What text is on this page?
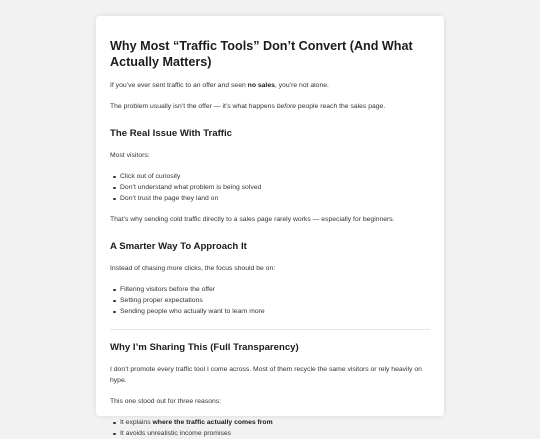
Why Most “Traffic Tools” Don’t Convert (And What Actually Matters)

If you’ve ever sent traffic to an offer and seen no sales, you’re not alone.

The problem usually isn’t the offer — it’s what happens before people reach the sales page.

The Real Issue With Traffic

Most visitors:

Click out of curiosity
Don’t understand what problem is being solved
Don’t trust the page they land on

That’s why sending cold traffic directly to a sales page rarely works — especially for beginners.

A Smarter Way To Approach It

Instead of chasing more clicks, the focus should be on:

Filtering visitors before the offer
Setting proper expectations
Sending people who actually want to learn more
Why I’m Sharing This (Full Transparency)

I don’t promote every traffic tool I come across. Most of them recycle the same visitors or rely heavily on hype.

This one stood out for three reasons:

It explains where the traffic actually comes from
It avoids unrealistic income promises
